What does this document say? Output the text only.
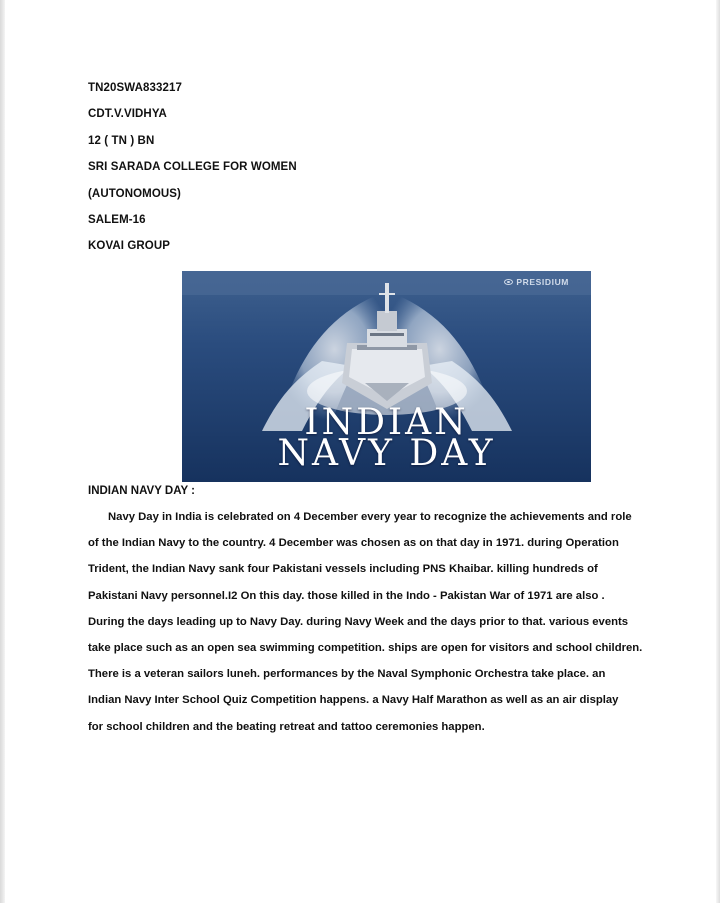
TN20SWA833217
CDT.V.VIDHYA
12 ( TN ) BN
SRI SARADA COLLEGE FOR WOMEN
(AUTONOMOUS)
SALEM-16
KOVAI GROUP
PRESIDIUM
INDIAN
NAVY DAY
INDIAN NAVY DAY :
Navy Day in India is celebrated on 4 December every year to recognize the achievements and role
of the Indian Navy to the country. 4 December was chosen as on that day in 1971. during Operation
Trident, the Indian Navy sank four Pakistani vessels including PNS Khaibar. killing hundreds of
Pakistani Navy personnel.I2 On this day. those killed in the Indo - Pakistan War of 1971 are also .
During the days leading up to Navy Day. during Navy Week and the days prior to that. various events
take place such as an open sea swimming competition. ships are open for visitors and school children.
There is a veteran sailors luneh. performances by the Naval Symphonic Orchestra take place. an
Indian Navy Inter School Quiz Competition happens. a Navy Half Marathon as well as an air display
for school children and the beating retreat and tattoo ceremonies happen.
